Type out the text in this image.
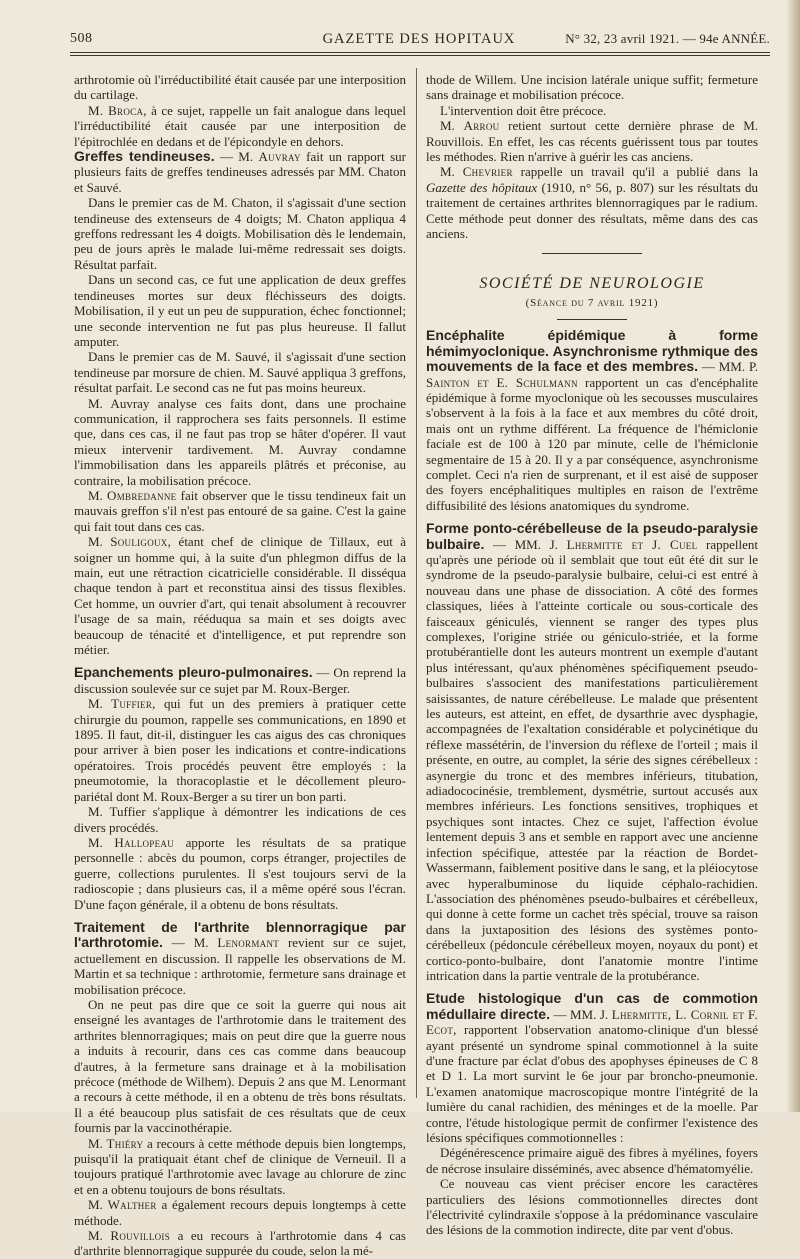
508	GAZETTE DES HOPITAUX	N° 32, 23 avril 1921. — 94e ANNÉE.

arthrotomie où l'irréductibilité était causée par une interposition du cartilage.

M. Broca, à ce sujet, rappelle un fait analogue dans lequel l'irréductibilité était causée par une interposition de l'épitrochlée en dedans et de l'épicondyle en dehors.

Greffes tendineuses. — M. Auvray fait un rapport sur plusieurs faits de greffes tendineuses adressés par MM. Chaton et Sauvé.

Dans le premier cas de M. Chaton, il s'agissait d'une section tendineuse des extenseurs de 4 doigts; M. Chaton appliqua 4 greffons redressant les 4 doigts. Mobilisation dès le lendemain, peu de jours après le malade lui-même redressait ses doigts. Résultat parfait.

Dans un second cas, ce fut une application de deux greffes tendineuses mortes sur deux fléchisseurs des doigts. Mobilisation, il y eut un peu de suppuration, échec fonctionnel; une seconde intervention ne fut pas plus heureuse. Il fallut amputer.

Dans le premier cas de M. Sauvé, il s'agissait d'une section tendineuse par morsure de chien. M. Sauvé appliqua 3 greffons, résultat parfait. Le second cas ne fut pas moins heureux.

M. Auvray analyse ces faits dont, dans une prochaine communication, il rapprochera ses faits personnels. Il estime que, dans ces cas, il ne faut pas trop se hâter d'opérer. Il vaut mieux intervenir tardivement. M. Auvray condamne l'immobilisation dans les appareils plâtrés et préconise, au contraire, la mobilisation précoce.

M. Ombredanne fait observer que le tissu tendineux fait un mauvais greffon s'il n'est pas entouré de sa gaine. C'est la gaine qui fait tout dans ces cas.

M. Souligoux, étant chef de clinique de Tillaux, eut à soigner un homme qui, à la suite d'un phlegmon diffus de la main, eut une rétraction cicatricielle considérable. Il disséqua chaque tendon à part et reconstitua ainsi des tissus flexibles. Cet homme, un ouvrier d'art, qui tenait absolument à recouvrer l'usage de sa main, rééduqua sa main et ses doigts avec beaucoup de ténacité et d'intelligence, et put reprendre son métier.

Epanchements pleuro-pulmonaires. — On reprend la discussion soulevée sur ce sujet par M. Roux-Berger.

M. Tuffier, qui fut un des premiers à pratiquer cette chirurgie du poumon, rappelle ses communications, en 1890 et 1895. Il faut, dit-il, distinguer les cas aigus des cas chroniques pour arriver à bien poser les indications et contre-indications opératoires. Trois procédés peuvent être employés : la pneumotomie, la thoracoplastie et le décollement pleuro-pariétal dont M. Roux-Berger a su tirer un bon parti.

M. Tuffier s'applique à démontrer les indications de ces divers procédés.

M. Hallopeau apporte les résultats de sa pratique personnelle : abcès du poumon, corps étranger, projectiles de guerre, collections purulentes. Il s'est toujours servi de la radioscopie ; dans plusieurs cas, il a même opéré sous l'écran. D'une façon générale, il a obtenu de bons résultats.

Traitement de l'arthrite blennorragique par l'arthrotomie. — M. Lenormant revient sur ce sujet, actuellement en discussion. Il rappelle les observations de M. Martin et sa technique : arthrotomie, fermeture sans drainage et mobilisation précoce.

On ne peut pas dire que ce soit la guerre qui nous ait enseigné les avantages de l'arthrotomie dans le traitement des arthrites blennorragiques; mais on peut dire que la guerre nous a induits à recourir, dans ces cas comme dans beaucoup d'autres, à la fermeture sans drainage et à la mobilisation précoce (méthode de Wilhem). Depuis 2 ans que M. Lenormant a recours à cette méthode, il en a obtenu de très bons résultats. Il a été beaucoup plus satisfait de ces résultats que de ceux fournis par la vaccinothérapie.

M. Thiéry a recours à cette méthode depuis bien longtemps, puisqu'il la pratiquait étant chef de clinique de Verneuil. Il a toujours pratiqué l'arthrotomie avec lavage au chlorure de zinc et en a obtenu toujours de bons résultats.

M. Walther a également recours depuis longtemps à cette méthode.

M. Rouvillois a eu recours à l'arthrotomie dans 4 cas d'arthrite blennorragique suppurée du coude, selon la mé-

thode de Willem. Une incision latérale unique suffit; fermeture sans drainage et mobilisation précoce.

L'intervention doit être précoce.

M. Arrou retient surtout cette dernière phrase de M. Rouvillois. En effet, les cas récents guérissent tous par toutes les méthodes. Rien n'arrive à guérir les cas anciens.

M. Chevrier rappelle un travail qu'il a publié dans la Gazette des hôpitaux (1910, n° 56, p. 807) sur les résultats du traitement de certaines arthrites blennorragiques par le radium. Cette méthode peut donner des résultats, même dans des cas anciens.

SOCIÉTÉ DE NEUROLOGIE
(Séance du 7 avril 1921)

Encéphalite épidémique à forme hémimyoclonique. Asynchronisme rythmique des mouvements de la face et des membres. — MM. P. Sainton et E. Schulmann rapportent un cas d'encéphalite épidémique à forme myoclonique où les secousses musculaires s'observent à la fois à la face et aux membres du côté droit, mais ont un rythme différent. La fréquence de l'hémiclonie faciale est de 100 à 120 par minute, celle de l'hémiclonie segmentaire de 15 à 20. Il y a par conséquence, asynchronisme complet. Ceci n'a rien de surprenant, et il est aisé de supposer des foyers encéphalitiques multiples en raison de l'extrême diffusibilité des lésions anatomiques du syndrome.

Forme ponto-cérébelleuse de la pseudo-paralysie bulbaire. — MM. J. Lhermitte et J. Cuel rappellent qu'après une période où il semblait que tout eût été dit sur le syndrome de la pseudo-paralysie bulbaire, celui-ci est entré à nouveau dans une phase de dissociation. A côté des formes classiques, liées à l'atteinte corticale ou sous-corticale des faisceaux géniculés, viennent se ranger des types plus complexes, l'origine striée ou géniculo-striée, et la forme protubérantielle dont les auteurs montrent un exemple d'autant plus intéressant, qu'aux phénomènes spécifiquement pseudo-bulbaires s'associent des manifestations particulièrement saisissantes, de nature cérébelleuse. Le malade que présentent les auteurs, est atteint, en effet, de dysarthrie avec dysphagie, accompagnées de l'exaltation considérable et polycinétique du réflexe massétérin, de l'inversion du réflexe de l'orteil ; mais il présente, en outre, au complet, la série des signes cérébelleux : asynergie du tronc et des membres inférieurs, titubation, adiadococinésie, tremblement, dysmétrie, surtout accusés aux membres inférieurs. Les fonctions sensitives, trophiques et psychiques sont intactes. Chez ce sujet, l'affection évolue lentement depuis 3 ans et semble en rapport avec une ancienne infection spécifique, attestée par la réaction de Bordet-Wassermann, faiblement positive dans le sang, et la pléiocytose avec hyperalbuminose du liquide céphalo-rachidien. L'association des phénomènes pseudo-bulbaires et cérébelleux, qui donne à cette forme un cachet très spécial, trouve sa raison dans la juxtaposition des lésions des systèmes ponto-cérébelleux (pédoncule cérébelleux moyen, noyaux du pont) et cortico-ponto-bulbaire, dont l'anatomie montre l'intime intrication dans la partie ventrale de la protubérance.

Etude histologique d'un cas de commotion médullaire directe. — MM. J. Lhermitte, L. Cornil et F. Ecot, rapportent l'observation anatomo-clinique d'un blessé ayant présenté un syndrome spinal commotionnel à la suite d'une fracture par éclat d'obus des apophyses épineuses de C 8 et D 1. La mort survint le 6e jour par broncho-pneumonie. L'examen anatomique macroscopique montre l'intégrité de la lumière du canal rachidien, des méninges et de la moelle. Par contre, l'étude histologique permit de confirmer l'existence des lésions spécifiques commotionnelles :

Dégénérescence primaire aiguë des fibres à myélines, foyers de nécrose insulaire disséminés, avec absence d'hématomyélie.

Ce nouveau cas vient préciser encore les caractères particuliers des lésions commotionnelles directes dont l'électrivité cylindraxile s'oppose à la prédominance vasculaire des lésions de la commotion indirecte, dite par vent d'obus.
